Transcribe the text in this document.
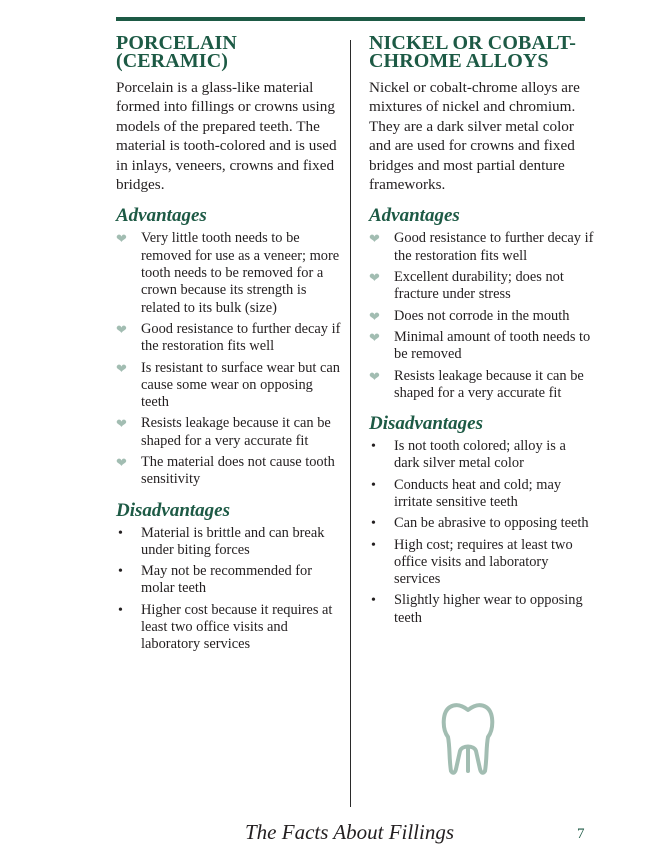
PORCELAIN
(CERAMIC)

Porcelain is a glass-like material formed into fillings or crowns using models of the prepared teeth. The material is tooth-colored and is used in inlays, veneers, crowns and fixed bridges.

Advantages
❤ Very little tooth needs to be removed for use as a veneer; more tooth needs to be removed for a crown because its strength is related to its bulk (size)
❤ Good resistance to further decay if the restoration fits well
❤ Is resistant to surface wear but can cause some wear on opposing teeth
❤ Resists leakage because it can be shaped for a very accurate fit
❤ The material does not cause tooth sensitivity
Disadvantages
• Material is brittle and can break under biting forces
• May not be recommended for molar teeth
• Higher cost because it requires at least two office visits and laboratory services
NICKEL OR COBALT-
CHROME ALLOYS

Nickel or cobalt-chrome alloys are mixtures of nickel and chromium. They are a dark silver metal color and are used for crowns and fixed bridges and most partial denture frameworks.

Advantages
❤ Good resistance to further decay if the restoration fits well
❤ Excellent durability; does not fracture under stress
❤ Does not corrode in the mouth
❤ Minimal amount of tooth needs to be removed
❤ Resists leakage because it can be shaped for a very accurate fit
Disadvantages
• Is not tooth colored; alloy is a dark silver metal color
• Conducts heat and cold; may irritate sensitive teeth
• Can be abrasive to opposing teeth
• High cost; requires at least two office visits and laboratory services
• Slightly higher wear to opposing teeth
The Facts About Fillings	7
